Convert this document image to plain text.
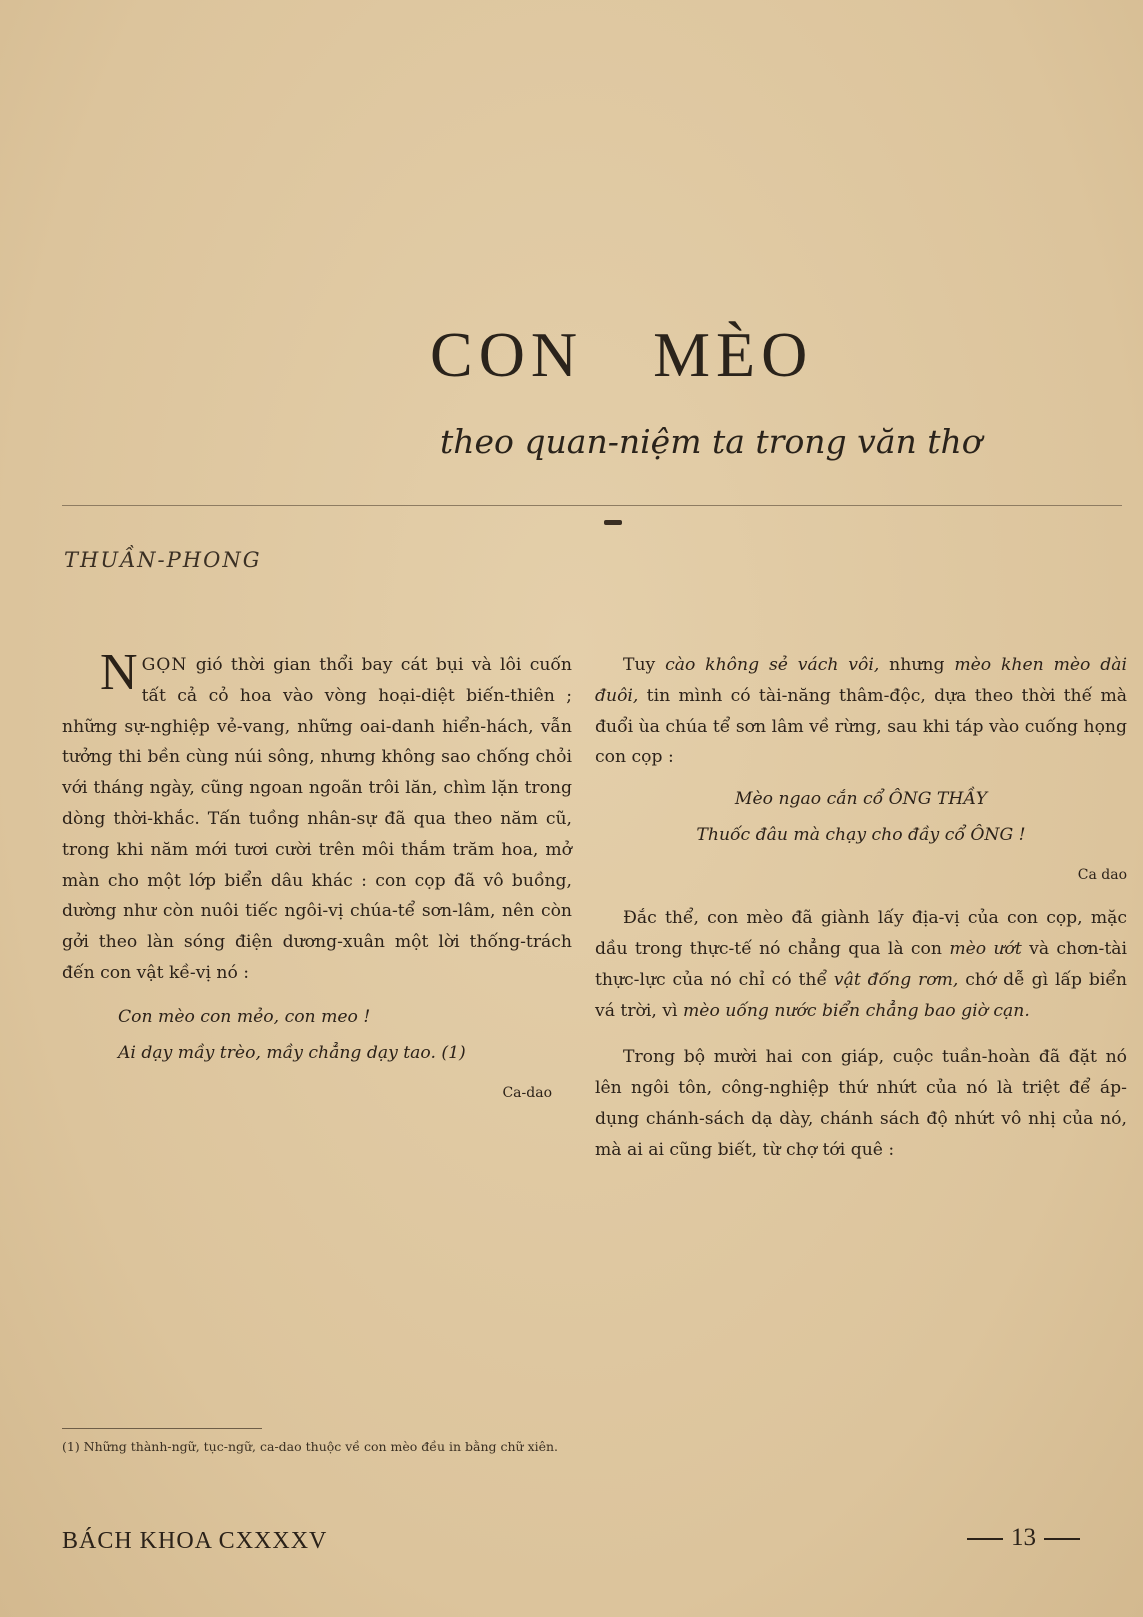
CON MÈO
theo quan-niệm ta trong văn thơ
THUẦN-PHONG

NGỌN gió thời gian thổi bay cát bụi và lôi cuốn tất cả cỏ hoa vào vòng hoại-diệt biến-thiên ; những sự-nghiệp vẻ-vang, những oai-danh hiển-hách, vẫn tưởng thi bền cùng núi sông, nhưng không sao chống chỏi với tháng ngày, cũng ngoan ngoãn trôi lăn, chìm lặn trong dòng thời-khắc. Tấn tuồng nhân-sự đã qua theo năm cũ, trong khi năm mới tươi cười trên môi thắm trăm hoa, mở màn cho một lớp biển dâu khác : con cọp đã vô buồng, dường như còn nuôi tiếc ngôi-vị chúa-tể sơn-lâm, nên còn gởi theo làn sóng điện dương-xuân một lời thống-trách đến con vật kề-vị nó :

Con mèo con mẻo, con meo !
Ai dạy mầy trèo, mầy chẳng dạy tao. (1)
Ca-dao
(1) Những thành-ngữ, tục-ngữ, ca-dao thuộc về con mèo đều in bằng chữ xiên.

Tuy cào không sẻ vách vôi, nhưng mèo khen mèo dài đuôi, tin mình có tài-năng thâm-độc, dựa theo thời thế mà đuổi ùa chúa tể sơn lâm về rừng, sau khi táp vào cuống họng con cọp :

Mèo ngao cắn cổ ÔNG THẦY
Thuốc đâu mà chạy cho đầy cổ ÔNG !
Ca dao

Đắc thể, con mèo đã giành lấy địa-vị của con cọp, mặc dầu trong thực-tế nó chẳng qua là con mèo ướt và chơn-tài thực-lực của nó chỉ có thể vật đống rơm, chớ dễ gì lấp biển vá trời, vì mèo uống nước biển chẳng bao giờ cạn.

Trong bộ mười hai con giáp, cuộc tuần-hoàn đã đặt nó lên ngôi tôn, công-nghiệp thứ nhứt của nó là triệt để áp-dụng chánh-sách dạ dày, chánh sách độ nhứt vô nhị của nó, mà ai ai cũng biết, từ chợ tới quê :

BÁCH KHOA CXXXXV	13
